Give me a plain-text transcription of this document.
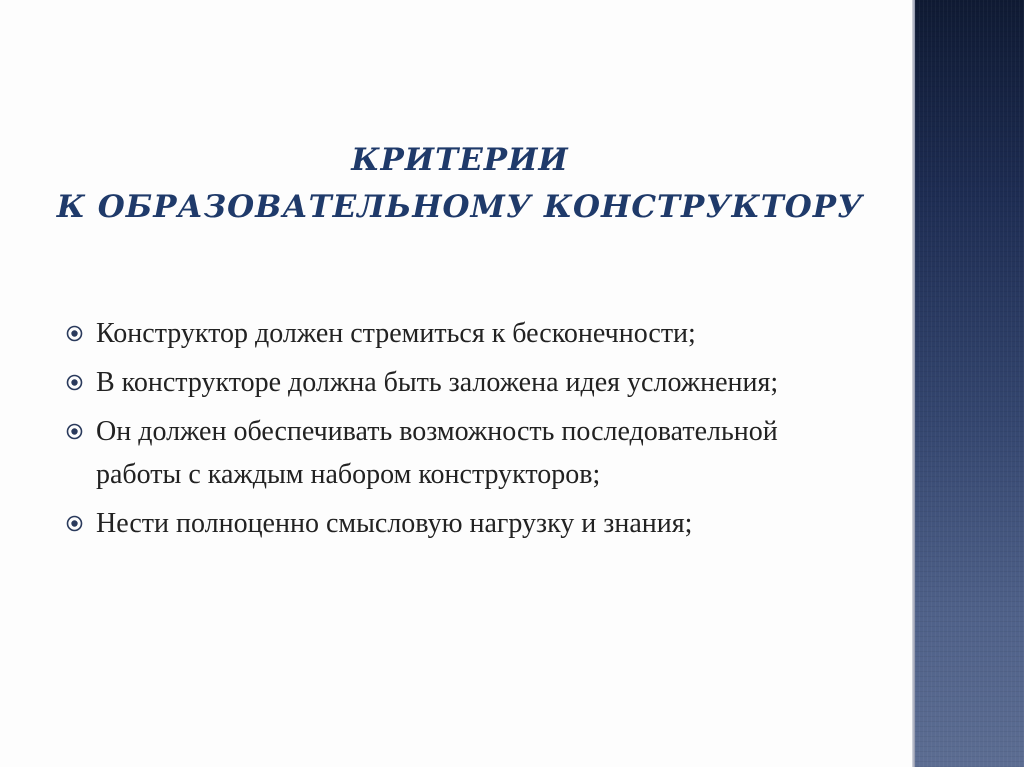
КРИТЕРИИ
К ОБРАЗОВАТЕЛЬНОМУ КОНСТРУКТОРУ
Конструктор должен стремиться к бесконечности;
В конструкторе должна быть заложена идея усложнения;
Он должен обеспечивать возможность последовательной работы с каждым набором конструкторов;
Нести полноценно смысловую нагрузку и знания;
